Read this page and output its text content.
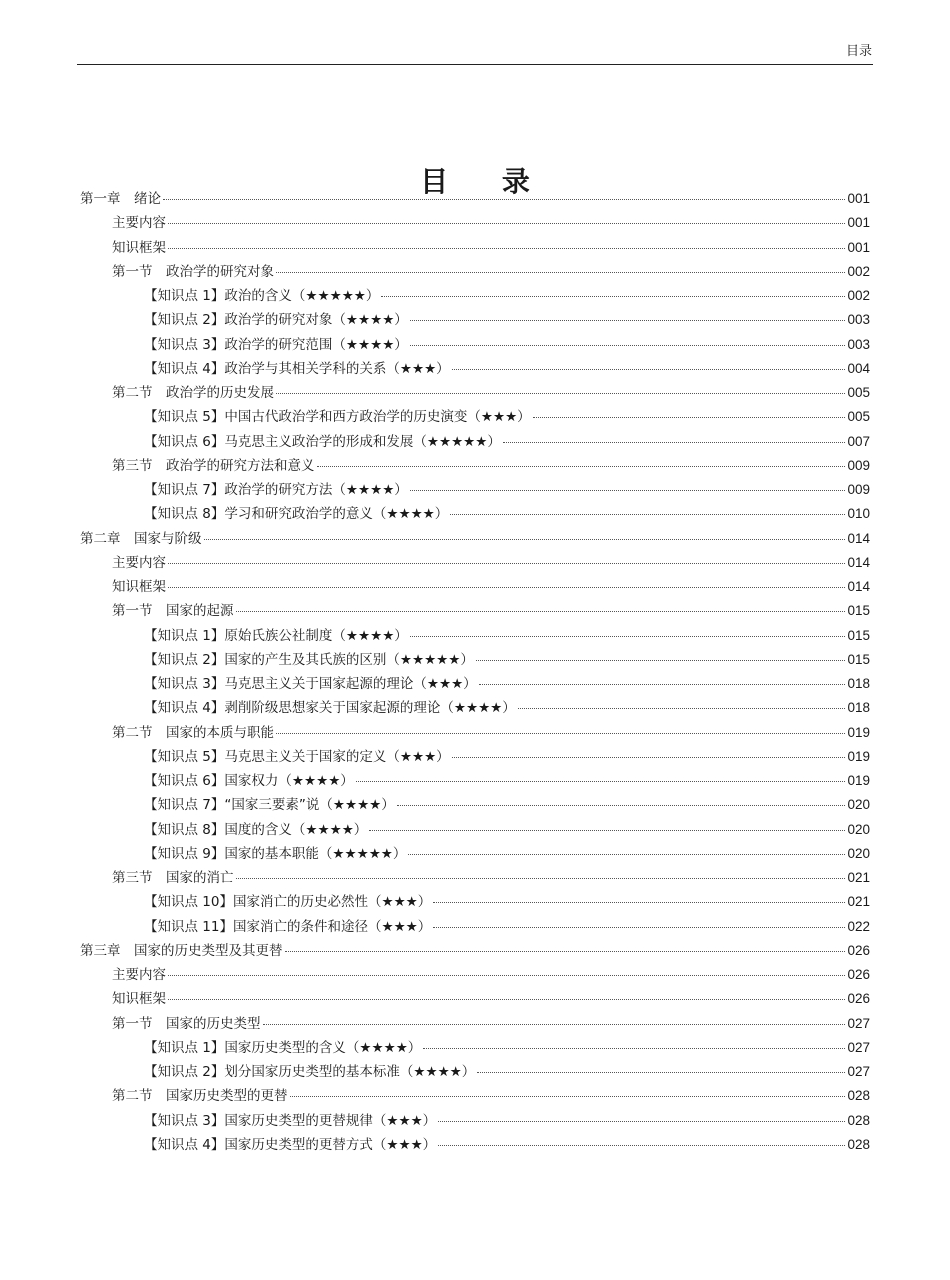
目录
目 录
第一章　绪论	001
主要内容	001
知识框架	001
第一节　政治学的研究对象	002
【知识点 1】政治的含义（★★★★★）	002
【知识点 2】政治学的研究对象（★★★★）	003
【知识点 3】政治学的研究范围（★★★★）	003
【知识点 4】政治学与其相关学科的关系（★★★）	004
第二节　政治学的历史发展	005
【知识点 5】中国古代政治学和西方政治学的历史演变（★★★）	005
【知识点 6】马克思主义政治学的形成和发展（★★★★★）	007
第三节　政治学的研究方法和意义	009
【知识点 7】政治学的研究方法（★★★★）	009
【知识点 8】学习和研究政治学的意义（★★★★）	010
第二章　国家与阶级	014
主要内容	014
知识框架	014
第一节　国家的起源	015
【知识点 1】原始氏族公社制度（★★★★）	015
【知识点 2】国家的产生及其氏族的区别（★★★★★）	015
【知识点 3】马克思主义关于国家起源的理论（★★★）	018
【知识点 4】剥削阶级思想家关于国家起源的理论（★★★★）	018
第二节　国家的本质与职能	019
【知识点 5】马克思主义关于国家的定义（★★★）	019
【知识点 6】国家权力（★★★★）	019
【知识点 7】“国家三要素”说（★★★★）	020
【知识点 8】国度的含义（★★★★）	020
【知识点 9】国家的基本职能（★★★★★）	020
第三节　国家的消亡	021
【知识点 10】国家消亡的历史必然性（★★★）	021
【知识点 11】国家消亡的条件和途径（★★★）	022
第三章　国家的历史类型及其更替	026
主要内容	026
知识框架	026
第一节　国家的历史类型	027
【知识点 1】国家历史类型的含义（★★★★）	027
【知识点 2】划分国家历史类型的基本标准（★★★★）	027
第二节　国家历史类型的更替	028
【知识点 3】国家历史类型的更替规律（★★★）	028
【知识点 4】国家历史类型的更替方式（★★★）	028
